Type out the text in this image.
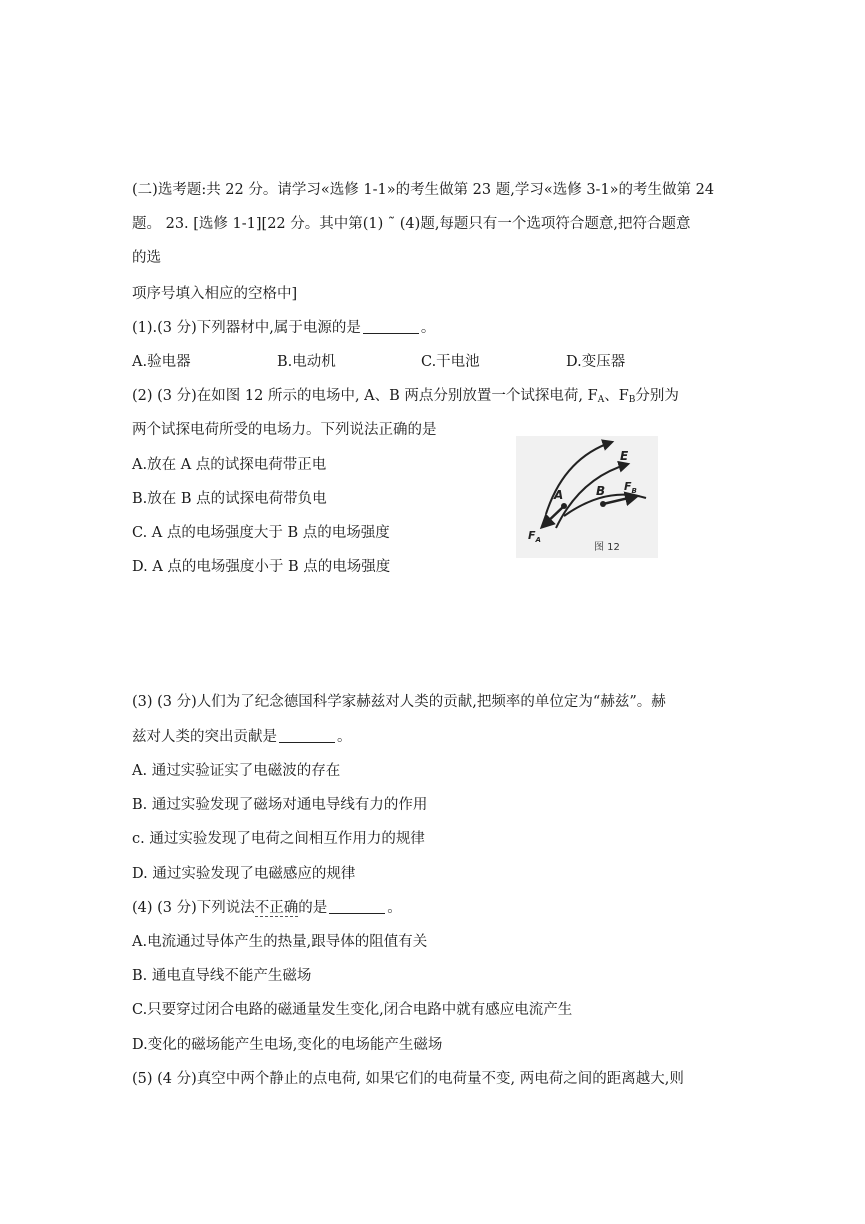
(二)选考题:共 22 分。请学习«选修 1-1»的考生做第 23 题,学习«选修 3-1»的考生做第 24
题。 23. [选修 1-1][22 分。其中第(1) ˜ (4)题,每题只有一个选项符合题意,把符合题意
的选
项序号填入相应的空格中]
(1).(3 分)下列器材中,属于电源的是	。
A.验电器	B.电动机	C.干电池	D.变压器
(2) (3 分)在如图 12 所示的电场中, A、B 两点分别放置一个试探电荷, $F_A$、$F_B$分别为
两个试探电荷所受的电场力。下列说法正确的是
A.放在 A 点的试探电荷带正电
B.放在 B 点的试探电荷带负电
C. A 点的电场强度大于 B 点的电场强度
D. A 点的电场强度小于 B 点的电场强度
E
A	B $F_B$
$F_A$
图 12
(3) (3 分)人们为了纪念德国科学家赫兹对人类的贡献,把频率的单位定为“赫兹”。赫
兹对人类的突出贡献是	。
A. 通过实验证实了电磁波的存在
B. 通过实验发现了磁场对通电导线有力的作用
c. 通过实验发现了电荷之间相互作用力的规律
D. 通过实验发现了电磁感应的规律
(4) (3 分)下列说法不正确的是	。
A.电流通过导体产生的热量,跟导体的阻值有关
B. 通电直导线不能产生磁场
C.只要穿过闭合电路的磁通量发生变化,闭合电路中就有感应电流产生
D.变化的磁场能产生电场,变化的电场能产生磁场
(5) (4 分)真空中两个静止的点电荷, 如果它们的电荷量不变, 两电荷之间的距离越大,则
